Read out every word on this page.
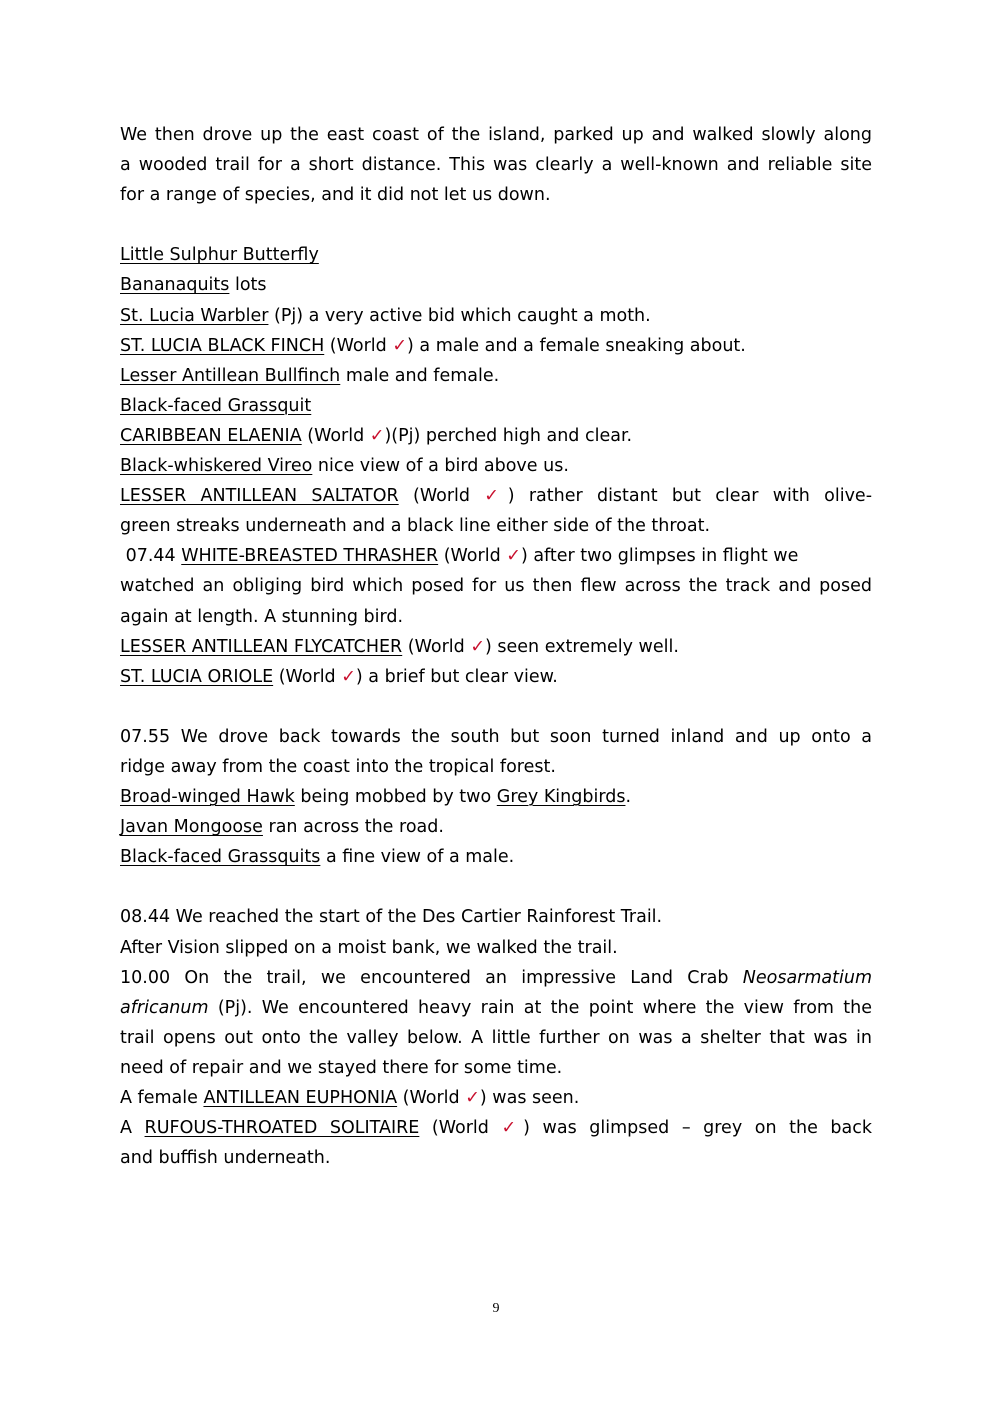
We then drove up the east coast of the island, parked up and walked slowly along
a wooded trail for a short distance. This was clearly a well-known and reliable site
for a range of species, and it did not let us down.
Little Sulphur Butterfly
Bananaquits lots
St. Lucia Warbler (Pj) a very active bid which caught a moth.
ST. LUCIA BLACK FINCH (World ✓) a male and a female sneaking about.
Lesser Antillean Bullfinch male and female.
Black-faced Grassquit
CARIBBEAN ELAENIA (World ✓)(Pj) perched high and clear.
Black-whiskered Vireo nice view of a bird above us.
LESSER ANTILLEAN SALTATOR (World ✓) rather distant but clear with olive-
green streaks underneath and a black line either side of the throat.
07.44 WHITE-BREASTED THRASHER (World ✓) after two glimpses in flight we
watched an obliging bird which posed for us then flew across the track and posed
again at length. A stunning bird.
LESSER ANTILLEAN FLYCATCHER (World ✓) seen extremely well.
ST. LUCIA ORIOLE (World ✓) a brief but clear view.
07.55 We drove back towards the south but soon turned inland and up onto a
ridge away from the coast into the tropical forest.
Broad-winged Hawk being mobbed by two Grey Kingbirds.
Javan Mongoose ran across the road.
Black-faced Grassquits a fine view of a male.
08.44 We reached the start of the Des Cartier Rainforest Trail.
After Vision slipped on a moist bank, we walked the trail.
10.00 On the trail, we encountered an impressive Land Crab Neosarmatium
africanum (Pj). We encountered heavy rain at the point where the view from the
trail opens out onto the valley below. A little further on was a shelter that was in
need of repair and we stayed there for some time.
A female ANTILLEAN EUPHONIA (World ✓) was seen.
A RUFOUS-THROATED SOLITAIRE (World ✓) was glimpsed – grey on the back
and buffish underneath.
9
